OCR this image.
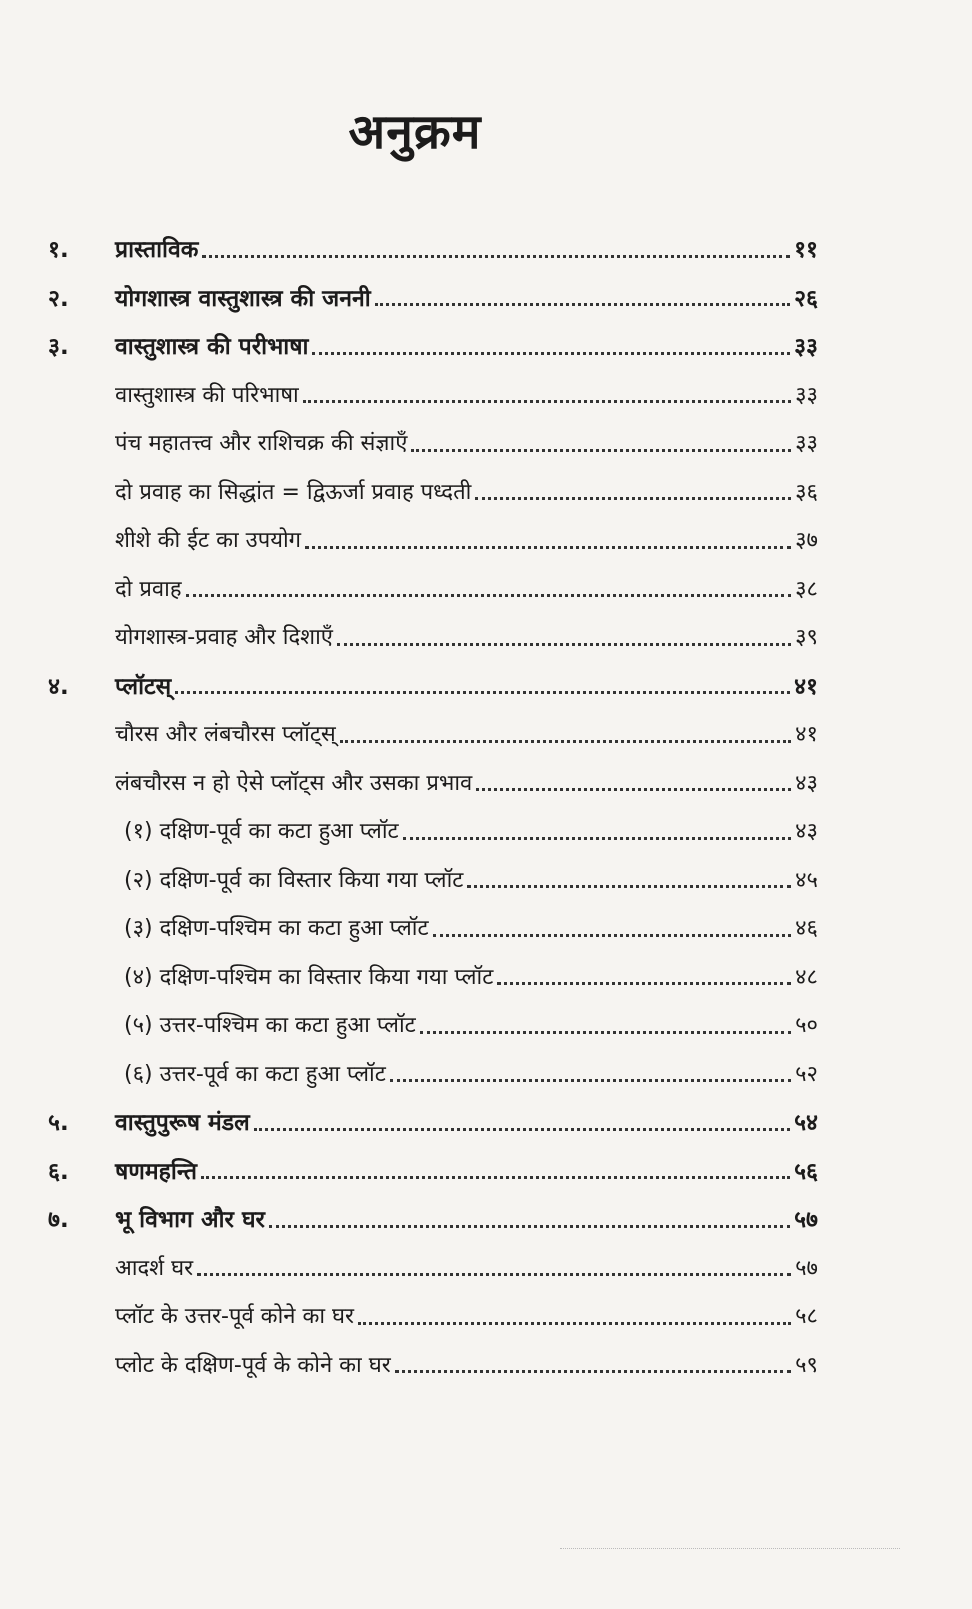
अनुक्रम
१.	प्रास्ताविक	११
२.	योगशास्त्र वास्तुशास्त्र की जननी	२६
३.	वास्तुशास्त्र की परीभाषा	३३
वास्तुशास्त्र की परिभाषा	३३
पंच महातत्त्व और राशिचक्र की संज्ञाएँ	३३
दो प्रवाह का सिद्धांत = द्विऊर्जा प्रवाह पध्दती	३६
शीशे की ईट का उपयोग	३७
दो प्रवाह	३८
योगशास्त्र-प्रवाह और दिशाएँ	३९
४.	प्लॉटस्	४१
चौरस और लंबचौरस प्लॉट्स्	४१
लंबचौरस न हो ऐसे प्लॉट्स और उसका प्रभाव	४३
(१) दक्षिण-पूर्व का कटा हुआ प्लॉट	४३
(२) दक्षिण-पूर्व का विस्तार किया गया प्लॉट	४५
(३) दक्षिण-पश्चिम का कटा हुआ प्लॉट	४६
(४) दक्षिण-पश्चिम का विस्तार किया गया प्लॉट	४८
(५) उत्तर-पश्चिम का कटा हुआ प्लॉट	५०
(६) उत्तर-पूर्व का कटा हुआ प्लॉट	५२
५.	वास्तुपुरूष मंडल	५४
६.	षणमहन्ति	५६
७.	भू विभाग और घर	५७
आदर्श घर	५७
प्लॉट के उत्तर-पूर्व कोने का घर	५८
प्लोट के दक्षिण-पूर्व के कोने का घर	५९
